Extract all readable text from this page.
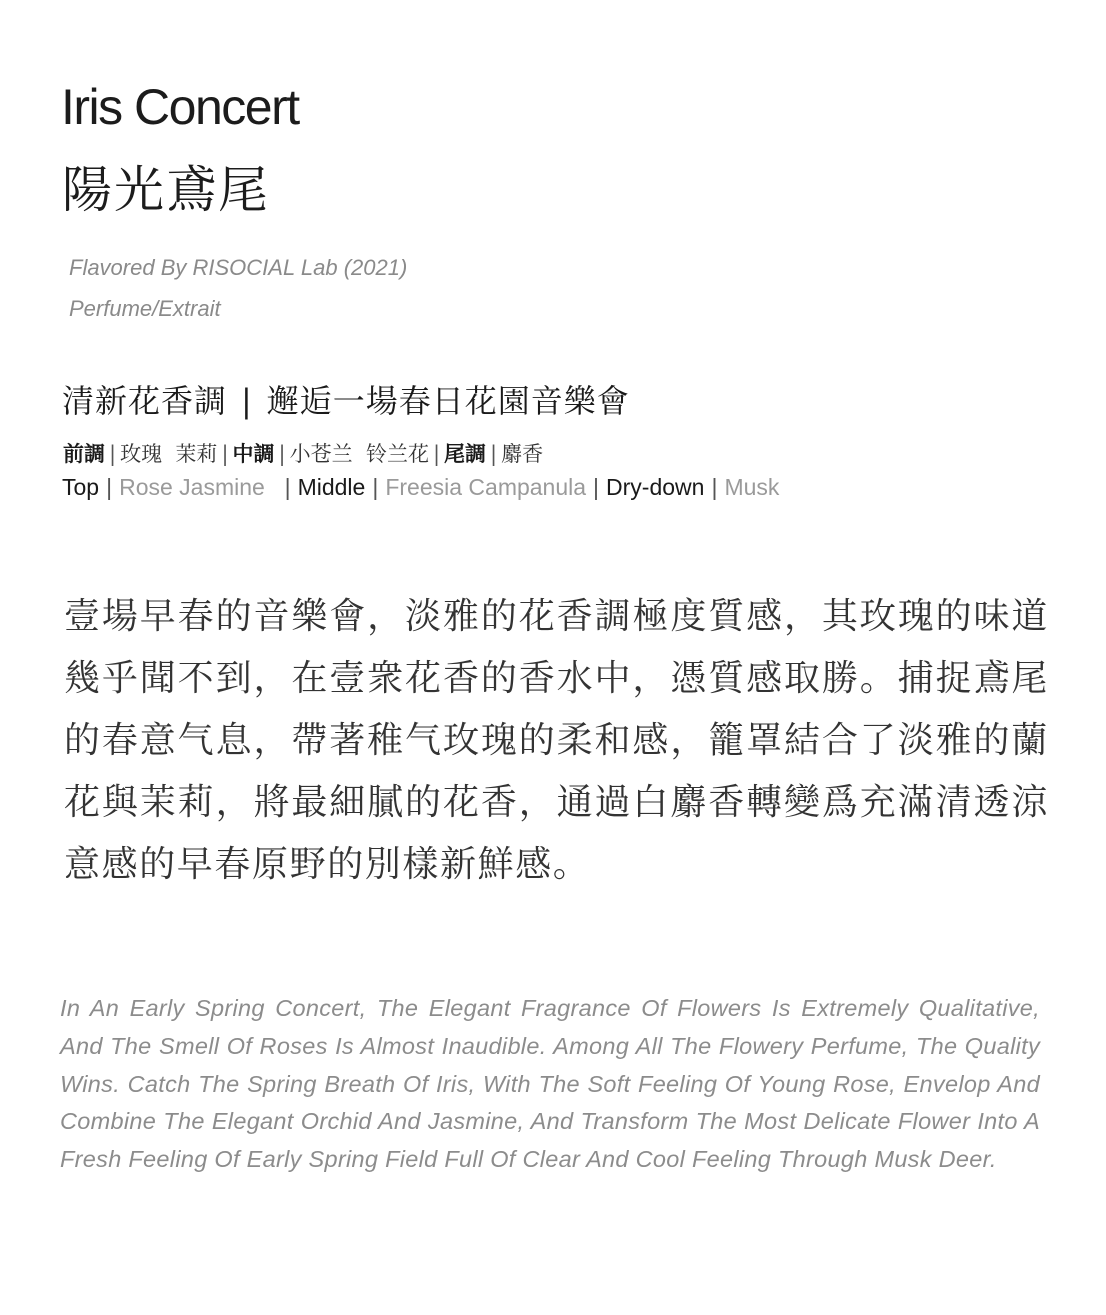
Iris Concert
陽光鳶尾
Flavored By RISOCIAL Lab (2021)
Perfume/Extrait
清新花香調 | 邂逅一場春日花園音樂會
前調 | 玫瑰  茉莉 | 中調 | 小苍兰  铃兰花 | 尾調 | 麝香
Top | Rose Jasmine | Middle | Freesia Campanula | Dry-down | Musk

壹場早春的音樂會，淡雅的花香調極度質感，其玫瑰的味道幾乎聞不到，在壹衆花香的香水中，憑質感取勝。捕捉鳶尾的春意气息，帶著稚气玫瑰的柔和感，籠罩結合了淡雅的蘭花與茉莉，將最細膩的花香，通過白麝香轉變爲充滿清透涼意感的早春原野的別樣新鮮感。

In An Early Spring Concert, The Elegant Fragrance Of Flowers Is Extremely Qualitative, And The Smell Of Roses Is Almost Inaudible. Among All The Flowery Perfume, The Quality Wins. Catch The Spring Breath Of Iris, With The Soft Feeling Of Young Rose, Envelop And Combine The Elegant Orchid And Jasmine, And Transform The Most Delicate Flower Into A Fresh Feeling Of Early Spring Field Full Of Clear And Cool Feeling Through Musk Deer.
